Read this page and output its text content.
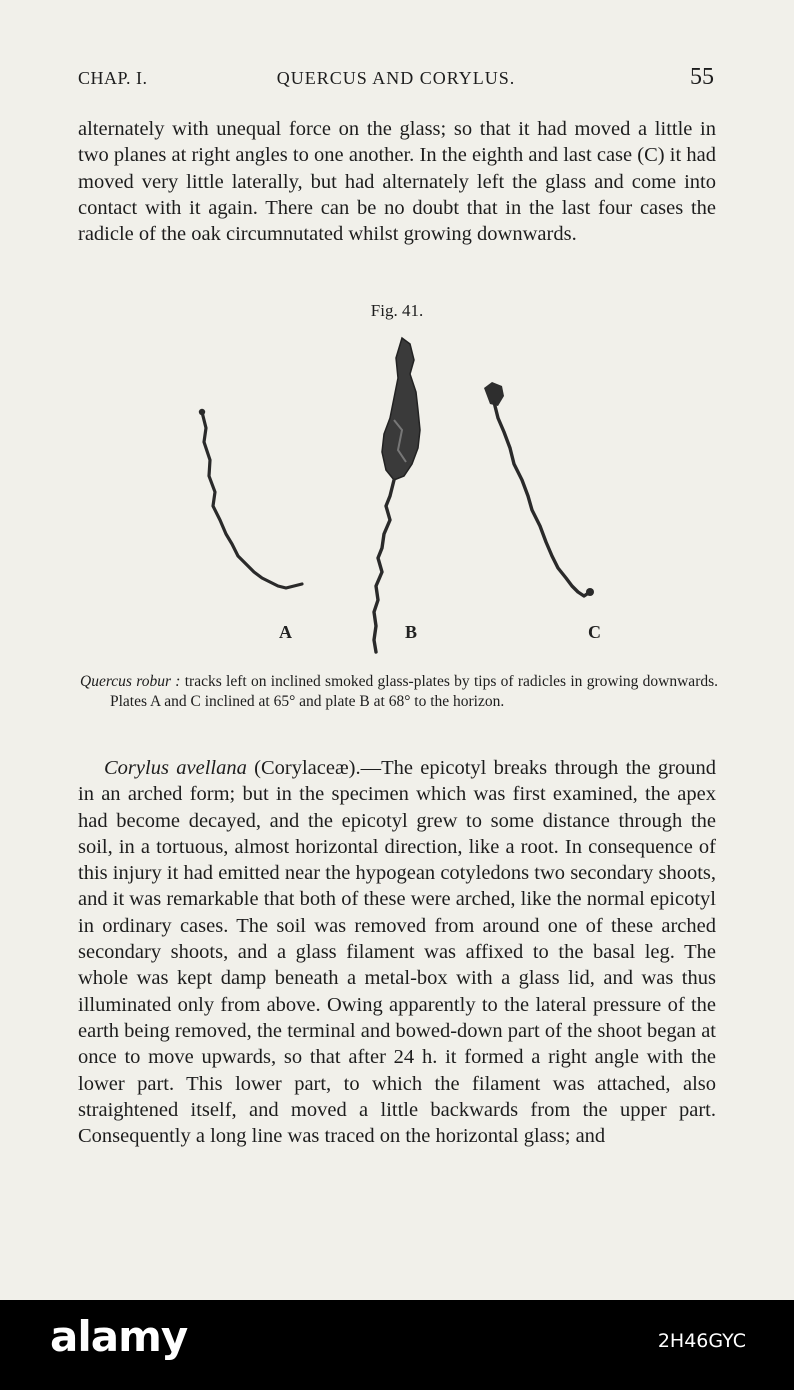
CHAP. I.	QUERCUS AND CORYLUS.	55

alternately with unequal force on the glass; so that it had moved a little in two planes at right angles to one another. In the eighth and last case (C) it had moved very little laterally, but had alternately left the glass and come into contact with it again. There can be no doubt that in the last four cases the radicle of the oak circumnutated whilst growing downwards.

Fig. 41.
A	B	C

Quercus robur : tracks left on inclined smoked glass-plates by tips of radicles in growing downwards. Plates A and C inclined at 65° and plate B at 68° to the horizon.

Corylus avellana (Corylaceæ).—The epicotyl breaks through the ground in an arched form; but in the specimen which was first examined, the apex had become decayed, and the epicotyl grew to some distance through the soil, in a tortuous, almost horizontal direction, like a root. In consequence of this injury it had emitted near the hypogean cotyledons two secondary shoots, and it was remarkable that both of these were arched, like the normal epicotyl in ordinary cases. The soil was removed from around one of these arched secondary shoots, and a glass filament was affixed to the basal leg. The whole was kept damp beneath a metal-box with a glass lid, and was thus illuminated only from above. Owing apparently to the lateral pressure of the earth being removed, the terminal and bowed-down part of the shoot began at once to move upwards, so that after 24 h. it formed a right angle with the lower part. This lower part, to which the filament was attached, also straightened itself, and moved a little backwards from the upper part. Consequently a long line was traced on the horizontal glass; and

alamy	2H46GYC
